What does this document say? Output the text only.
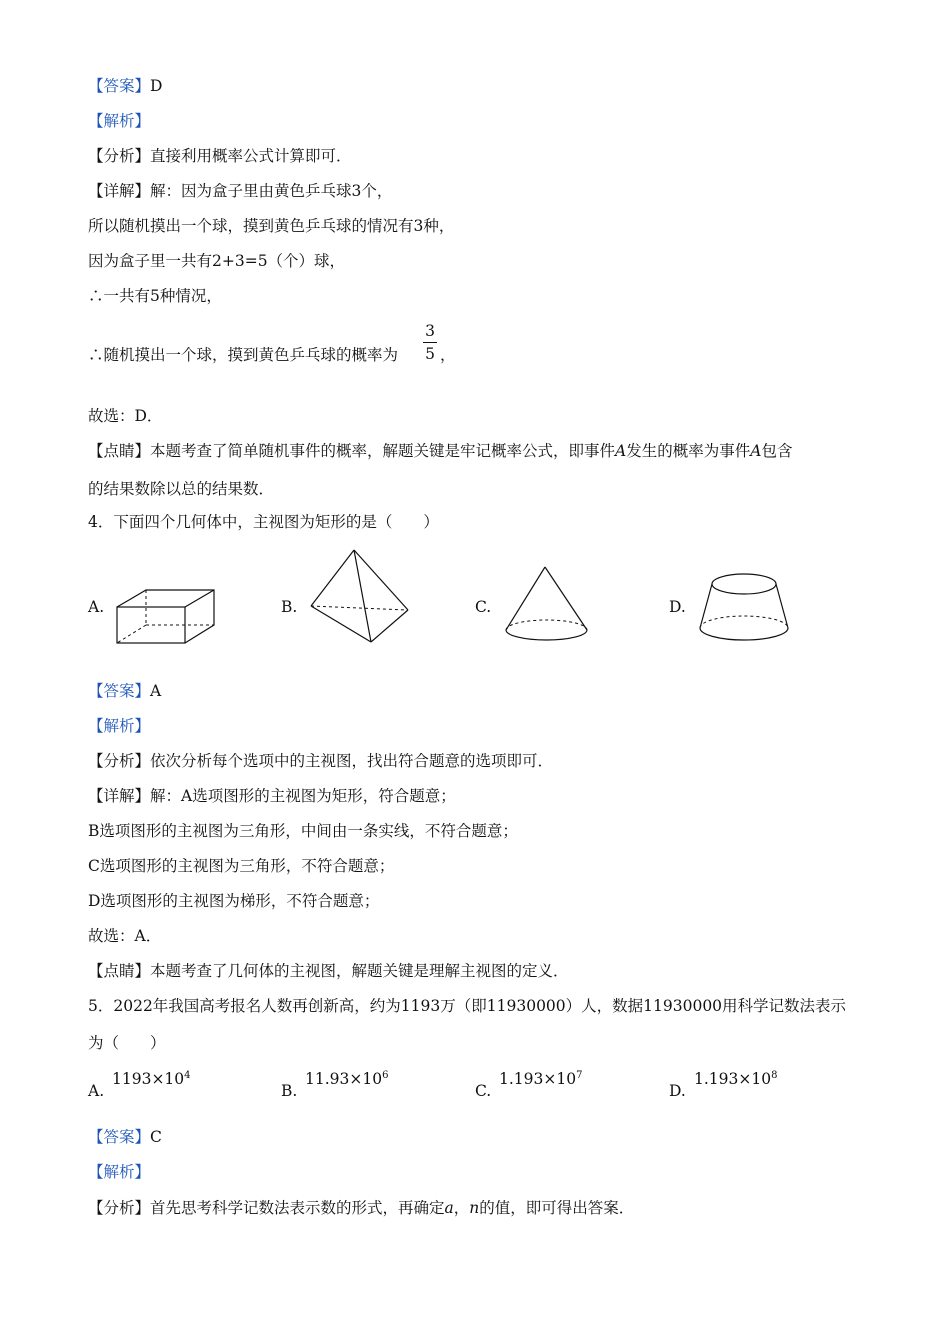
【答案】D
【解析】
【分析】直接利用概率公式计算即可．
【详解】解：因为盒子里由黄色乒乓球3个，
所以随机摸出一个球，摸到黄色乒乓球的情况有3种，
因为盒子里一共有2+3=5（个）球，
∴一共有5种情况，
∴随机摸出一个球，摸到黄色乒乓球的概率为
3
5 ，
故选：D．
【点睛】本题考查了简单随机事件的概率，解题关键是牢记概率公式，即事件A发生的概率为事件A包含
的结果数除以总的结果数．
4．下面四个几何体中，主视图为矩形的是（　　）
A.	B.	C.	D.
【答案】A
【解析】
【分析】依次分析每个选项中的主视图，找出符合题意的选项即可．
【详解】解：A选项图形的主视图为矩形，符合题意；
B选项图形的主视图为三角形，中间由一条实线，不符合题意；
C选项图形的主视图为三角形，不符合题意；
D选项图形的主视图为梯形，不符合题意；
故选：A．
【点睛】本题考查了几何体的主视图，解题关键是理解主视图的定义．
5．2022年我国高考报名人数再创新高，约为1193万（即11930000）人，数据11930000用科学记数法表示
为（　　）
A.
$1193\times 10^4$
B.
$11.93\times 10^6$
C.
$1.193\times 10^7$
D.
$1.193\times 10^8$
【答案】C
【解析】
【分析】首先思考科学记数法表示数的形式，再确定a，n的值，即可得出答案．
